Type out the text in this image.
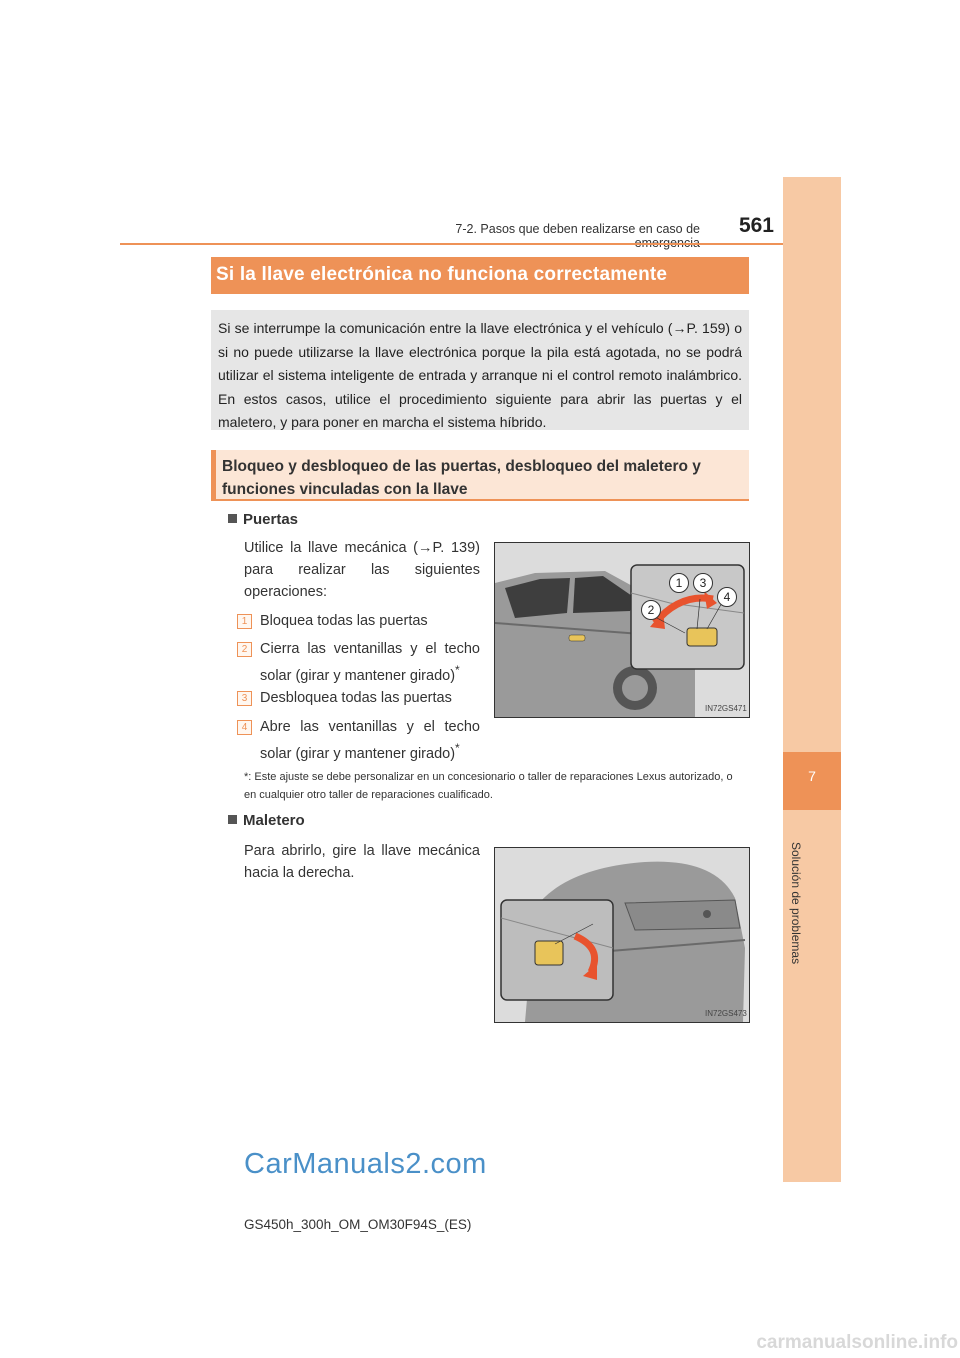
7
Solución de problemas
7-2. Pasos que deben realizarse en caso de	561
Si la llave electrónica no funciona correctamente
Si se interrumpe la comunicación entre la llave electrónica y el vehículo (→P. 159) o si no puede utilizarse la llave electrónica porque la pila está agotada, no se podrá utilizar el sistema inteligente de entrada y arranque ni el control remoto inalámbrico. En estos casos, utilice el procedimiento siguiente para abrir las puertas y el maletero, y para poner en marcha el sistema híbrido.
Bloqueo y desbloqueo de las puertas, desbloqueo del maletero y funciones vinculadas con la llave
Puertas
Utilice la llave mecánica (→P. 139) para realizar las siguientes operaciones:
1 Bloquea todas las puertas
2 Cierra las ventanillas y el techo solar (girar y mantener girado)*
3 Desbloquea todas las puertas
4 Abre las ventanillas y el techo solar (girar y mantener girado)*
1
2
3
4
IN72GS471
*: Este ajuste se debe personalizar en un concesionario o taller de reparaciones Lexus autorizado, o en cualquier otro taller de reparaciones cualificado.
Maletero
Para abrirlo, gire la llave mecánica hacia la derecha.
IN72GS473
CarManuals2.com
GS450h_300h_OM_OM30F94S_(ES)
carmanualsonline.info
